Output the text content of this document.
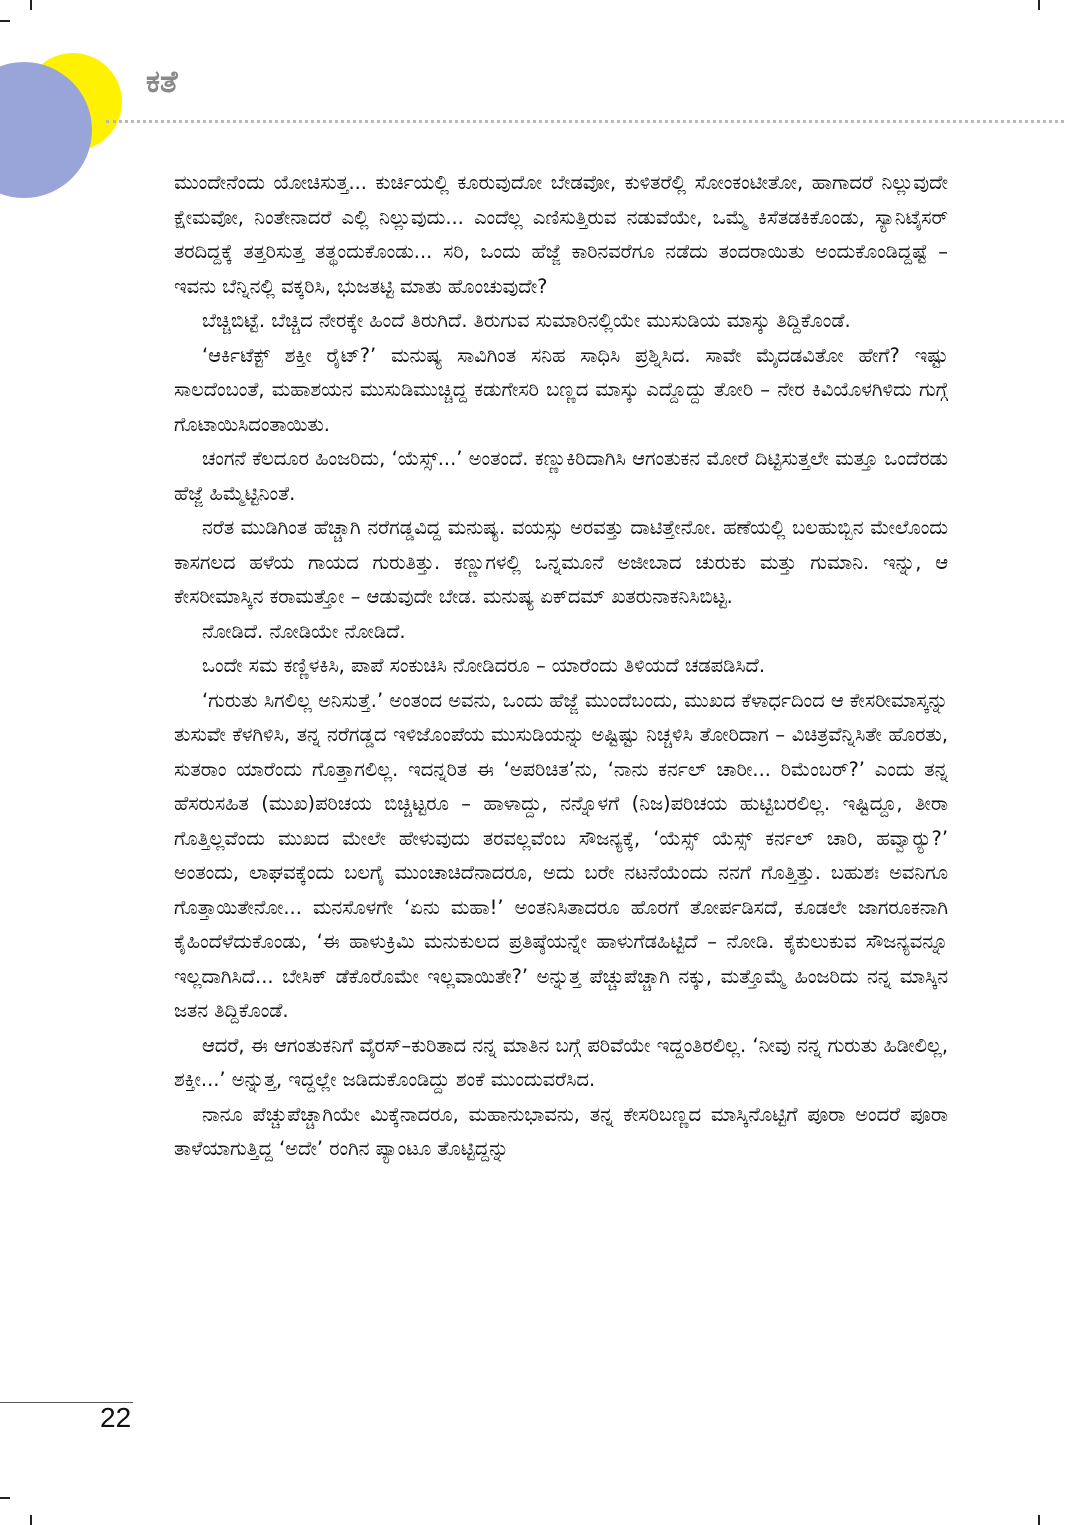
ಕತೆ

ಮುಂದೇನೆಂದು ಯೋಚಿಸುತ್ತ... ಕುರ್ಚಿಯಲ್ಲಿ ಕೂರುವುದೋ ಬೇಡವೋ, ಕುಳಿತರೆಲ್ಲಿ ಸೋಂಕಂಟೀತೋ, ಹಾಗಾದರೆ ನಿಲ್ಲುವುದೇ ಕ್ಷೇಮವೋ, ನಿಂತೇನಾದರೆ ಎಲ್ಲಿ ನಿಲ್ಲುವುದು... ಎಂದೆಲ್ಲ ಎಣಿಸುತ್ತಿರುವ ನಡುವೆಯೇ, ಒಮ್ಮೆ ಕಿಸೆತಡಕಿಕೊಂಡು, ಸ್ಯಾನಿಟೈಸರ್ ತರದಿದ್ದಕ್ಕೆ ತತ್ತರಿಸುತ್ತ ತತ್ಥಂದುಕೊಂಡು... ಸರಿ, ಒಂದು ಹೆಜ್ಜೆ ಕಾರಿನವರೆಗೂ ನಡೆದು ತಂದರಾಯಿತು ಅಂದುಕೊಂಡಿದ್ದಷ್ಟೆ – ಇವನು ಬೆನ್ನಿನಲ್ಲಿ ವಕ್ಕರಿಸಿ, ಭುಜತಟ್ಟಿ ಮಾತು ಹೊಂಚುವುದೇ?

ಬೆಚ್ಚಿಬಿಟ್ಟೆ. ಬೆಚ್ಚಿದ ನೇರಕ್ಕೇ ಹಿಂದೆ ತಿರುಗಿದೆ. ತಿರುಗುವ ಸುಮಾರಿನಲ್ಲಿಯೇ ಮುಸುಡಿಯ ಮಾಸ್ಕು ತಿದ್ದಿಕೊಂಡೆ.

‘ಆರ್ಕಿಟೆಕ್ಟ್ ಶಕ್ತೀ ರೈಟ್?’ ಮನುಷ್ಯ ಸಾವಿಗಿಂತ ಸನಿಹ ಸಾಧಿಸಿ ಪ್ರಶ್ನಿಸಿದ. ಸಾವೇ ಮೈದಡವಿತೋ ಹೇಗೆ? ಇಷ್ಟು ಸಾಲದೆಂಬಂತೆ, ಮಹಾಶಯನ ಮುಸುಡಿಮುಚ್ಚಿದ್ದ ಕಡುಗೇಸರಿ ಬಣ್ಣದ ಮಾಸ್ಕು ಎದ್ದೊದ್ದು ತೋರಿ – ನೇರ ಕಿವಿಯೊಳಗಿಳಿದು ಗುಗ್ಗೆ ಗೊಟಾಯಿಸಿದಂತಾಯಿತು.

ಚಂಗನೆ ಕೆಲದೂರ ಹಿಂಜರಿದು, ‘ಯೆಸ್ಸ್...’ ಅಂತಂದೆ. ಕಣ್ಣುಕಿರಿದಾಗಿಸಿ ಆಗಂತುಕನ ಮೋರೆ ದಿಟ್ಟಿಸುತ್ತಲೇ ಮತ್ತೂ ಒಂದೆರಡು ಹೆಜ್ಜೆ ಹಿಮ್ಮೆಟ್ಟಿನಿಂತೆ.

ನರೆತ ಮುಡಿಗಿಂತ ಹೆಚ್ಚಾಗಿ ನರೆಗಡ್ಡವಿದ್ದ ಮನುಷ್ಯ. ವಯಸ್ಸು ಅರವತ್ತು ದಾಟಿತ್ತೇನೋ. ಹಣೆಯಲ್ಲಿ ಬಲಹುಬ್ಬಿನ ಮೇಲೊಂದು ಕಾಸಗಲದ ಹಳೆಯ ಗಾಯದ ಗುರುತಿತ್ತು. ಕಣ್ಣುಗಳಲ್ಲಿ ಒನ್ನಮೂನೆ ಅಜೀಬಾದ ಚುರುಕು ಮತ್ತು ಗುಮಾನಿ. ಇನ್ನು, ಆ ಕೇಸರೀಮಾಸ್ಕಿನ ಕರಾಮತ್ತೋ – ಆಡುವುದೇ ಬೇಡ. ಮನುಷ್ಯ ಏಕ್‌ದಮ್ ಖತರುನಾಕನಿಸಿಬಿಟ್ಟ.

ನೋಡಿದೆ. ನೋಡಿಯೇ ನೋಡಿದೆ.

ಒಂದೇ ಸಮ ಕಣ್ಣಿಳಕಿಸಿ, ಪಾಪೆ ಸಂಕುಚಿಸಿ ನೋಡಿದರೂ – ಯಾರೆಂದು ತಿಳಿಯದೆ ಚಡಪಡಿಸಿದೆ.

‘ಗುರುತು ಸಿಗಲಿಲ್ಲ ಅನಿಸುತ್ತೆ.’ ಅಂತಂದ ಅವನು, ಒಂದು ಹೆಜ್ಜೆ ಮುಂದೆಬಂದು, ಮುಖದ ಕೆಳಾರ್ಧದಿಂದ ಆ ಕೇಸರೀಮಾಸ್ಕನ್ನು ತುಸುವೇ ಕೆಳಗಿಳಿಸಿ, ತನ್ನ ನರೆಗಡ್ಡದ ಇಳಿಜೊಂಪೆಯ ಮುಸುಡಿಯನ್ನು ಅಷ್ಟಿಷ್ಟು ನಿಚ್ಚಳಿಸಿ ತೋರಿದಾಗ – ವಿಚಿತ್ರವೆನ್ನಿಸಿತೇ ಹೊರತು, ಸುತರಾಂ ಯಾರೆಂದು ಗೊತ್ತಾಗಲಿಲ್ಲ. ಇದನ್ನರಿತ ಈ ‘ಅಪರಿಚಿತ’ನು, ‘ನಾನು ಕರ್ನಲ್ ಚಾರೀ... ರಿಮೆಂಬರ್?’ ಎಂದು ತನ್ನ ಹೆಸರುಸಹಿತ (ಮುಖ)ಪರಿಚಯ ಬಿಚ್ಚಿಟ್ಟರೂ – ಹಾಳಾದ್ದು, ನನ್ನೊಳಗೆ (ನಿಜ)ಪರಿಚಯ ಹುಟ್ಟಿಬರಲಿಲ್ಲ. ಇಷ್ಟಿದ್ದೂ, ತೀರಾ ಗೊತ್ತಿಲ್ಲವೆಂದು ಮುಖದ ಮೇಲೇ ಹೇಳುವುದು ತರವಲ್ಲವೆಂಬ ಸೌಜನ್ಯಕ್ಕೆ, ‘ಯೆಸ್ಸ್ ಯೆಸ್ಸ್ ಕರ್ನಲ್ ಚಾರಿ, ಹವ್ವಾರ‍್ಯು?’ ಅಂತಂದು, ಲಾಘವಕ್ಕೆಂದು ಬಲಗೈ ಮುಂಚಾಚಿದೆನಾದರೂ, ಅದು ಬರೇ ನಟನೆಯೆಂದು ನನಗೆ ಗೊತ್ತಿತ್ತು. ಬಹುಶಃ ಅವನಿಗೂ ಗೊತ್ತಾಯಿತೇನೋ... ಮನಸೊಳಗೇ ‘ಏನು ಮಹಾ!’ ಅಂತನಿಸಿತಾದರೂ ಹೊರಗೆ ತೋರ್ಪಡಿಸದೆ, ಕೂಡಲೇ ಜಾಗರೂಕನಾಗಿ ಕೈಹಿಂದೆಳೆದುಕೊಂಡು, ‘ಈ ಹಾಳುಕ್ರಿಮಿ ಮನುಕುಲದ ಪ್ರತಿಷ್ಠೆಯನ್ನೇ ಹಾಳುಗೆಡಹಿಟ್ಟಿದೆ – ನೋಡಿ. ಕೈಕುಲುಕುವ ಸೌಜನ್ಯವನ್ನೂ ಇಲ್ಲದಾಗಿಸಿದೆ... ಬೇಸಿಕ್ ಡೆಕೊರೊಮೇ ಇಲ್ಲವಾಯಿತೇ?’ ಅನ್ನುತ್ತ ಪೆಚ್ಚುಪೆಚ್ಚಾಗಿ ನಕ್ಕು, ಮತ್ತೊಮ್ಮೆ ಹಿಂಜರಿದು ನನ್ನ ಮಾಸ್ಕಿನ ಜತನ ತಿದ್ದಿಕೊಂಡೆ.

ಆದರೆ, ಈ ಆಗಂತುಕನಿಗೆ ವೈರಸ್–ಕುರಿತಾದ ನನ್ನ ಮಾತಿನ ಬಗ್ಗೆ ಪರಿವೆಯೇ ಇದ್ದಂತಿರಲಿಲ್ಲ. ‘ನೀವು ನನ್ನ ಗುರುತು ಹಿಡೀಲಿಲ್ಲ, ಶಕ್ತೀ...’ ಅನ್ನುತ್ತ, ಇದ್ದಲ್ಲೇ ಜಡಿದುಕೊಂಡಿದ್ದು ಶಂಕೆ ಮುಂದುವರೆಸಿದ.

ನಾನೂ ಪೆಚ್ಚುಪೆಚ್ಚಾಗಿಯೇ ಮಿಕ್ಕೆನಾದರೂ, ಮಹಾನುಭಾವನು, ತನ್ನ ಕೇಸರಿಬಣ್ಣದ ಮಾಸ್ಕಿನೊಟ್ಟಿಗೆ ಪೂರಾ ಅಂದರೆ ಪೂರಾ ತಾಳೆಯಾಗುತ್ತಿದ್ದ ‘ಅದೇ’ ರಂಗಿನ ಪ್ಯಾಂಟೂ ತೊಟ್ಟಿದ್ದನ್ನು

22
